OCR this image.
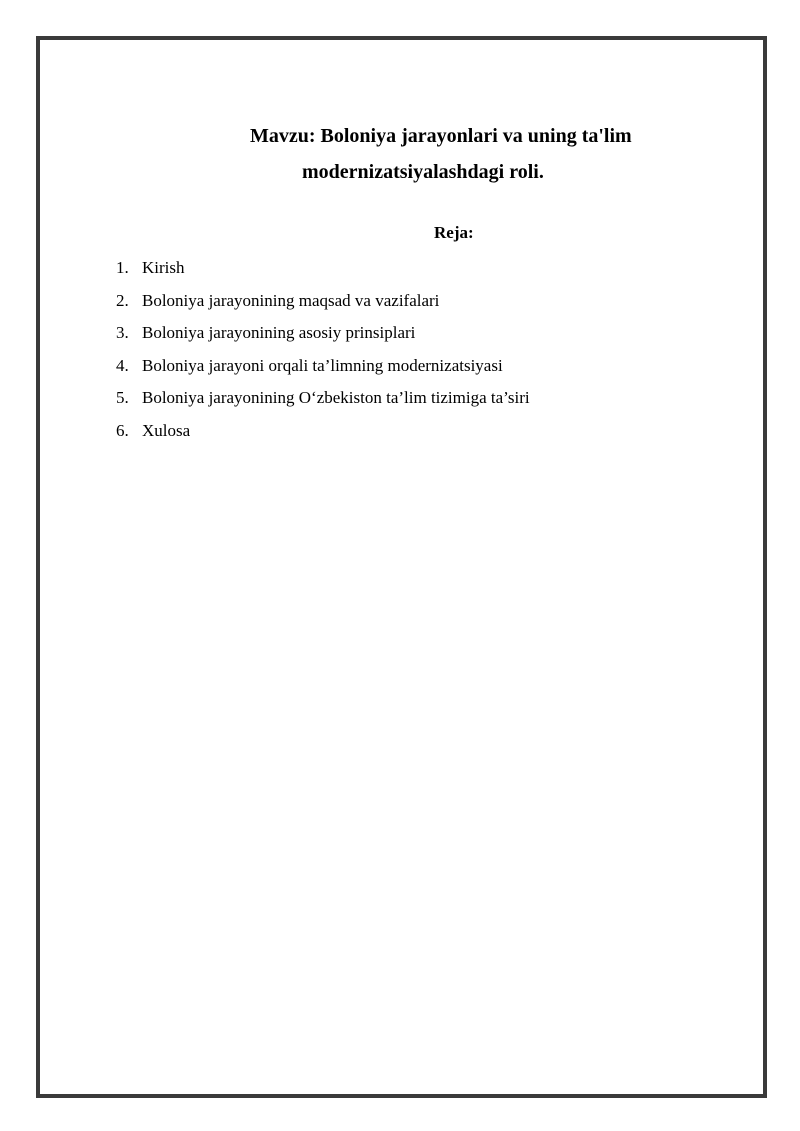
Mavzu: Boloniya jarayonlari va uning ta'lim
modernizatsiyalashdagi roli.
Reja:
1. Kirish
2. Boloniya jarayonining maqsad va vazifalari
3. Boloniya jarayonining asosiy prinsiplari
4. Boloniya jarayoni orqali ta’limning modernizatsiyasi
5. Boloniya jarayonining O‘zbekiston ta’lim tizimiga ta’siri
6. Xulosa
